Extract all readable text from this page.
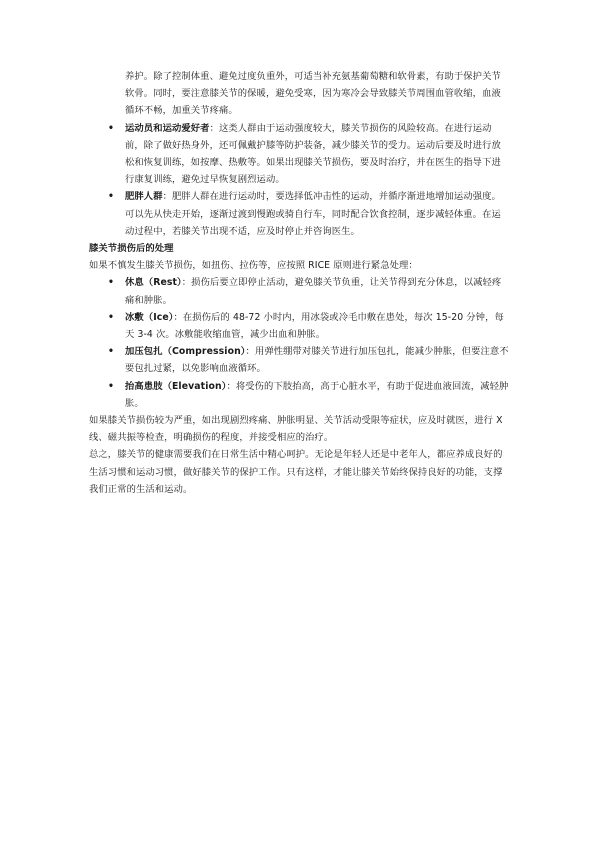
养护。除了控制体重、避免过度负重外，可适当补充氨基葡萄糖和软骨素，有助于保护关节软骨。同时，要注意膝关节的保暖，避免受寒，因为寒冷会导致膝关节周围血管收缩，血液循环不畅，加重关节疼痛。

• 运动员和运动爱好者：这类人群由于运动强度较大，膝关节损伤的风险较高。在进行运动前，除了做好热身外，还可佩戴护膝等防护装备，减少膝关节的受力。运动后要及时进行放松和恢复训练，如按摩、热敷等。如果出现膝关节损伤，要及时治疗，并在医生的指导下进行康复训练，避免过早恢复剧烈运动。
• 肥胖人群：肥胖人群在进行运动时，要选择低冲击性的运动，并循序渐进地增加运动强度。可以先从快走开始，逐渐过渡到慢跑或骑自行车，同时配合饮食控制，逐步减轻体重。在运动过程中，若膝关节出现不适，应及时停止并咨询医生。

膝关节损伤后的处理

如果不慎发生膝关节损伤，如扭伤、拉伤等，应按照 RICE 原则进行紧急处理：

• 休息（Rest）：损伤后要立即停止活动，避免膝关节负重，让关节得到充分休息，以减轻疼痛和肿胀。
• 冰敷（Ice）：在损伤后的 48-72 小时内，用冰袋或冷毛巾敷在患处，每次 15-20 分钟，每天 3-4 次。冰敷能收缩血管，减少出血和肿胀。
• 加压包扎（Compression）：用弹性绷带对膝关节进行加压包扎，能减少肿胀，但要注意不要包扎过紧，以免影响血液循环。
• 抬高患肢（Elevation）：将受伤的下肢抬高，高于心脏水平，有助于促进血液回流，减轻肿胀。

如果膝关节损伤较为严重，如出现剧烈疼痛、肿胀明显、关节活动受限等症状，应及时就医，进行 X 线、磁共振等检查，明确损伤的程度，并接受相应的治疗。

总之，膝关节的健康需要我们在日常生活中精心呵护。无论是年轻人还是中老年人，都应养成良好的生活习惯和运动习惯，做好膝关节的保护工作。只有这样，才能让膝关节始终保持良好的功能，支撑我们正常的生活和运动。
